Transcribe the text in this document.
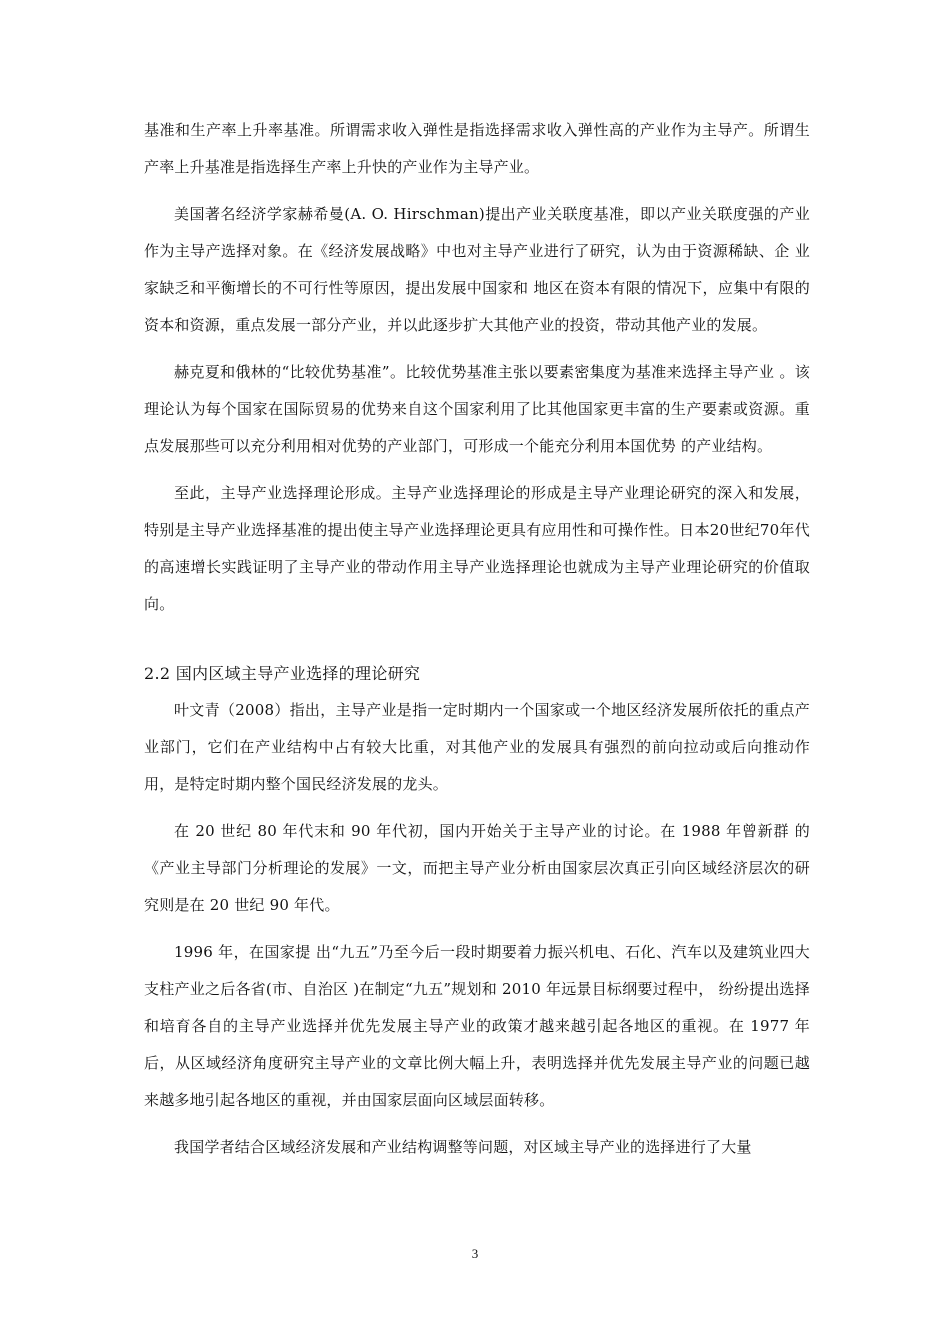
基准和生产率上升率基准。所谓需求收入弹性是指选择需求收入弹性高的产业作为主导产。所谓生产率上升基准是指选择生产率上升快的产业作为主导产业。

美国著名经济学家赫希曼(A. O. Hirschman)提出产业关联度基准，即以产业关联度强的产业作为主导产选择对象。在《经济发展战略》中也对主导产业进行了研究，认为由于资源稀缺、企 业家缺乏和平衡增长的不可行性等原因，提出发展中国家和 地区在资本有限的情况下，应集中有限的资本和资源，重点发展一部分产业，并以此逐步扩大其他产业的投资，带动其他产业的发展。

赫克夏和俄林的“比较优势基准”。比较优势基准主张以要素密集度为基准来选择主导产业 。该理论认为每个国家在国际贸易的优势来自这个国家利用了比其他国家更丰富的生产要素或资源。重点发展那些可以充分利用相对优势的产业部门，可形成一个能充分利用本国优势 的产业结构。

至此，主导产业选择理论形成。主导产业选择理论的形成是主导产业理论研究的深入和发展，特别是主导产业选择基准的提出使主导产业选择理论更具有应用性和可操作性。日本20世纪70年代的高速增长实践证明了主导产业的带动作用主导产业选择理论也就成为主导产业理论研究的价值取向。

2.2 国内区域主导产业选择的理论研究

叶文青（2008）指出，主导产业是指一定时期内一个国家或一个地区经济发展所依托的重点产业部门，它们在产业结构中占有较大比重，对其他产业的发展具有强烈的前向拉动或后向推动作用，是特定时期内整个国民经济发展的龙头。

在 20 世纪 80 年代末和 90 年代初，国内开始关于主导产业的讨论。在 1988 年曾新群 的《产业主导部门分析理论的发展》一文，而把主导产业分析由国家层次真正引向区域经济层次的研究则是在 20 世纪 90 年代。

1996 年，在国家提 出“九五”乃至今后一段时期要着力振兴机电、石化、汽车以及建筑业四大支柱产业之后各省(市、自治区 )在制定“九五”规划和 2010 年远景目标纲要过程中， 纷纷提出选择和培育各自的主导产业选择并优先发展主导产业的政策才越来越引起各地区的重视。在 1977 年后，从区域经济角度研究主导产业的文章比例大幅上升，表明选择并优先发展主导产业的问题已越来越多地引起各地区的重视，并由国家层面向区域层面转移。

我国学者结合区域经济发展和产业结构调整等问题，对区域主导产业的选择进行了大量

3
